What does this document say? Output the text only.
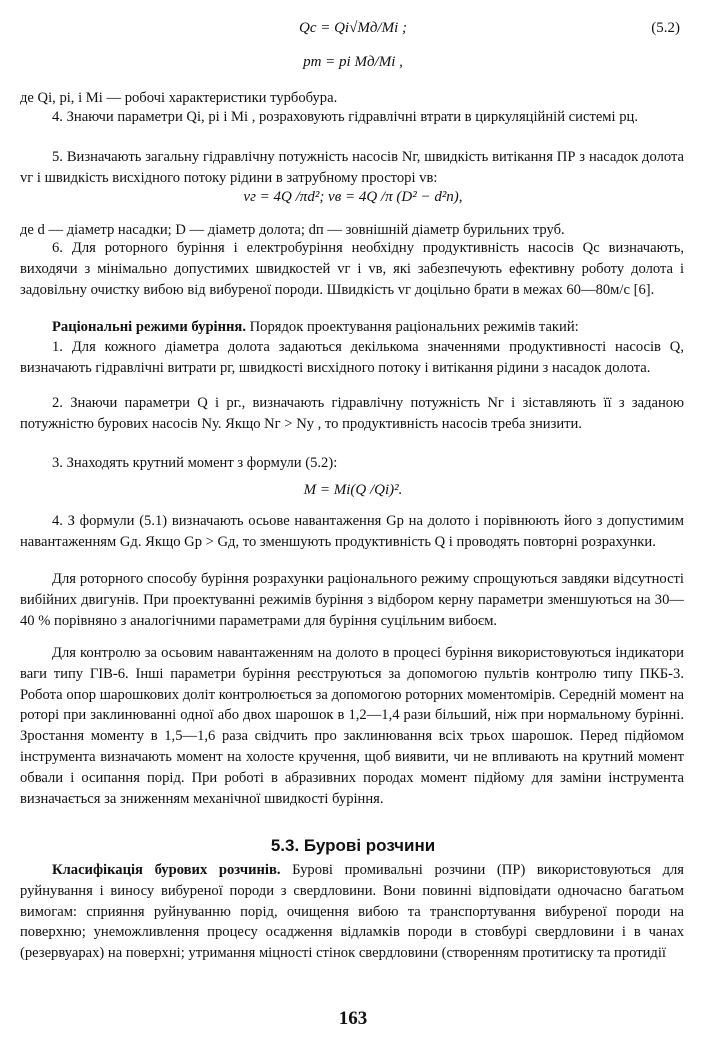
Qс = Qі√Mд/Mі ;	(5.2)
pт = pі Mд/Mі ,

де Qі, pі, і Mі — робочі характеристики турбобура.

4. Знаючи параметри Qі, pі і Mі , розраховують гідравлічні втрати в циркуляційній системі pц.

5. Визначають загальну гідравлічну потужність насосів Nг, швидкість витікання ПР з насадок долота vг і швидкість висхідного потоку рідини в затрубному просторі vв:

vг = 4Q /πd²; vв = 4Q /π (D² − d²п),

де d — діаметр насадки; D — діаметр долота; dп — зовнішній діаметр бурильних труб.

6. Для роторного буріння і електробуріння необхідну продуктивність насосів Qс визначають, виходячи з мінімально допустимих швидкостей vг і vв, які забезпечують ефективну роботу долота і задовільну очистку вибою від вибуреної породи. Швидкість vг доцільно брати в межах 60—80м/с [6].

Раціональні режими буріння. Порядок проектування раціональних режимів такий:

1. Для кожного діаметра долота задаються декількома значеннями продуктивності насосів Q, визначають гідравлічні витрати pг, швидкості висхідного потоку і витікання рідини з насадок долота.

2. Знаючи параметри Q і pг., визначають гідравлічну потужність Nг і зіставляють її з заданою потужністю бурових насосів Nу. Якщо Nг > Nу , то продуктивність насосів треба знизити.

3. Знаходять крутний момент з формули (5.2):

M = Mі(Q /Qі)².

4. З формули (5.1) визначають осьове навантаження Gр на долото і порівнюють його з допустимим навантаженням Gд. Якщо Gр > Gд, то зменшують продуктивність Q і проводять повторні розрахунки.

Для роторного способу буріння розрахунки раціонального режиму спрощуються завдяки відсутності вибійних двигунів. При проектуванні режимів буріння з відбором керну параметри зменшуються на 30—40 % порівняно з аналогічними параметрами для буріння суцільним вибоєм.

Для контролю за осьовим навантаженням на долото в процесі буріння використовуються індикатори ваги типу ГІВ-6. Інші параметри буріння реєструються за допомогою пультів контролю типу ПКБ-3. Робота опор шарошкових доліт контролюється за допомогою роторних моментомірів. Середній момент на роторі при заклинюванні одної або двох шарошок в 1,2—1,4 рази більший, ніж при нормальному бурінні. Зростання моменту в 1,5—1,6 раза свідчить про заклинювання всіх трьох шарошок. Перед підйомом інструмента визначають момент на холосте кручення, щоб виявити, чи не впливають на крутний момент обвали і осипання порід. При роботі в абразивних породах момент підйому для заміни інструмента визначається за зниженням механічної швидкості буріння.

5.3. Бурові розчини

Класифікація бурових розчинів. Бурові промивальні розчини (ПР) використовуються для руйнування і виносу вибуреної породи з свердловини. Вони повинні відповідати одночасно багатьом вимогам: сприяння руйнуванню порід, очищення вибою та транспортування вибуреної породи на поверхню; унеможливлення процесу осадження відламків породи в стовбурі свердловини і в чанах (резервуарах) на поверхні; утримання міцності стінок свердловини (створенням протитиску та протидії

163
